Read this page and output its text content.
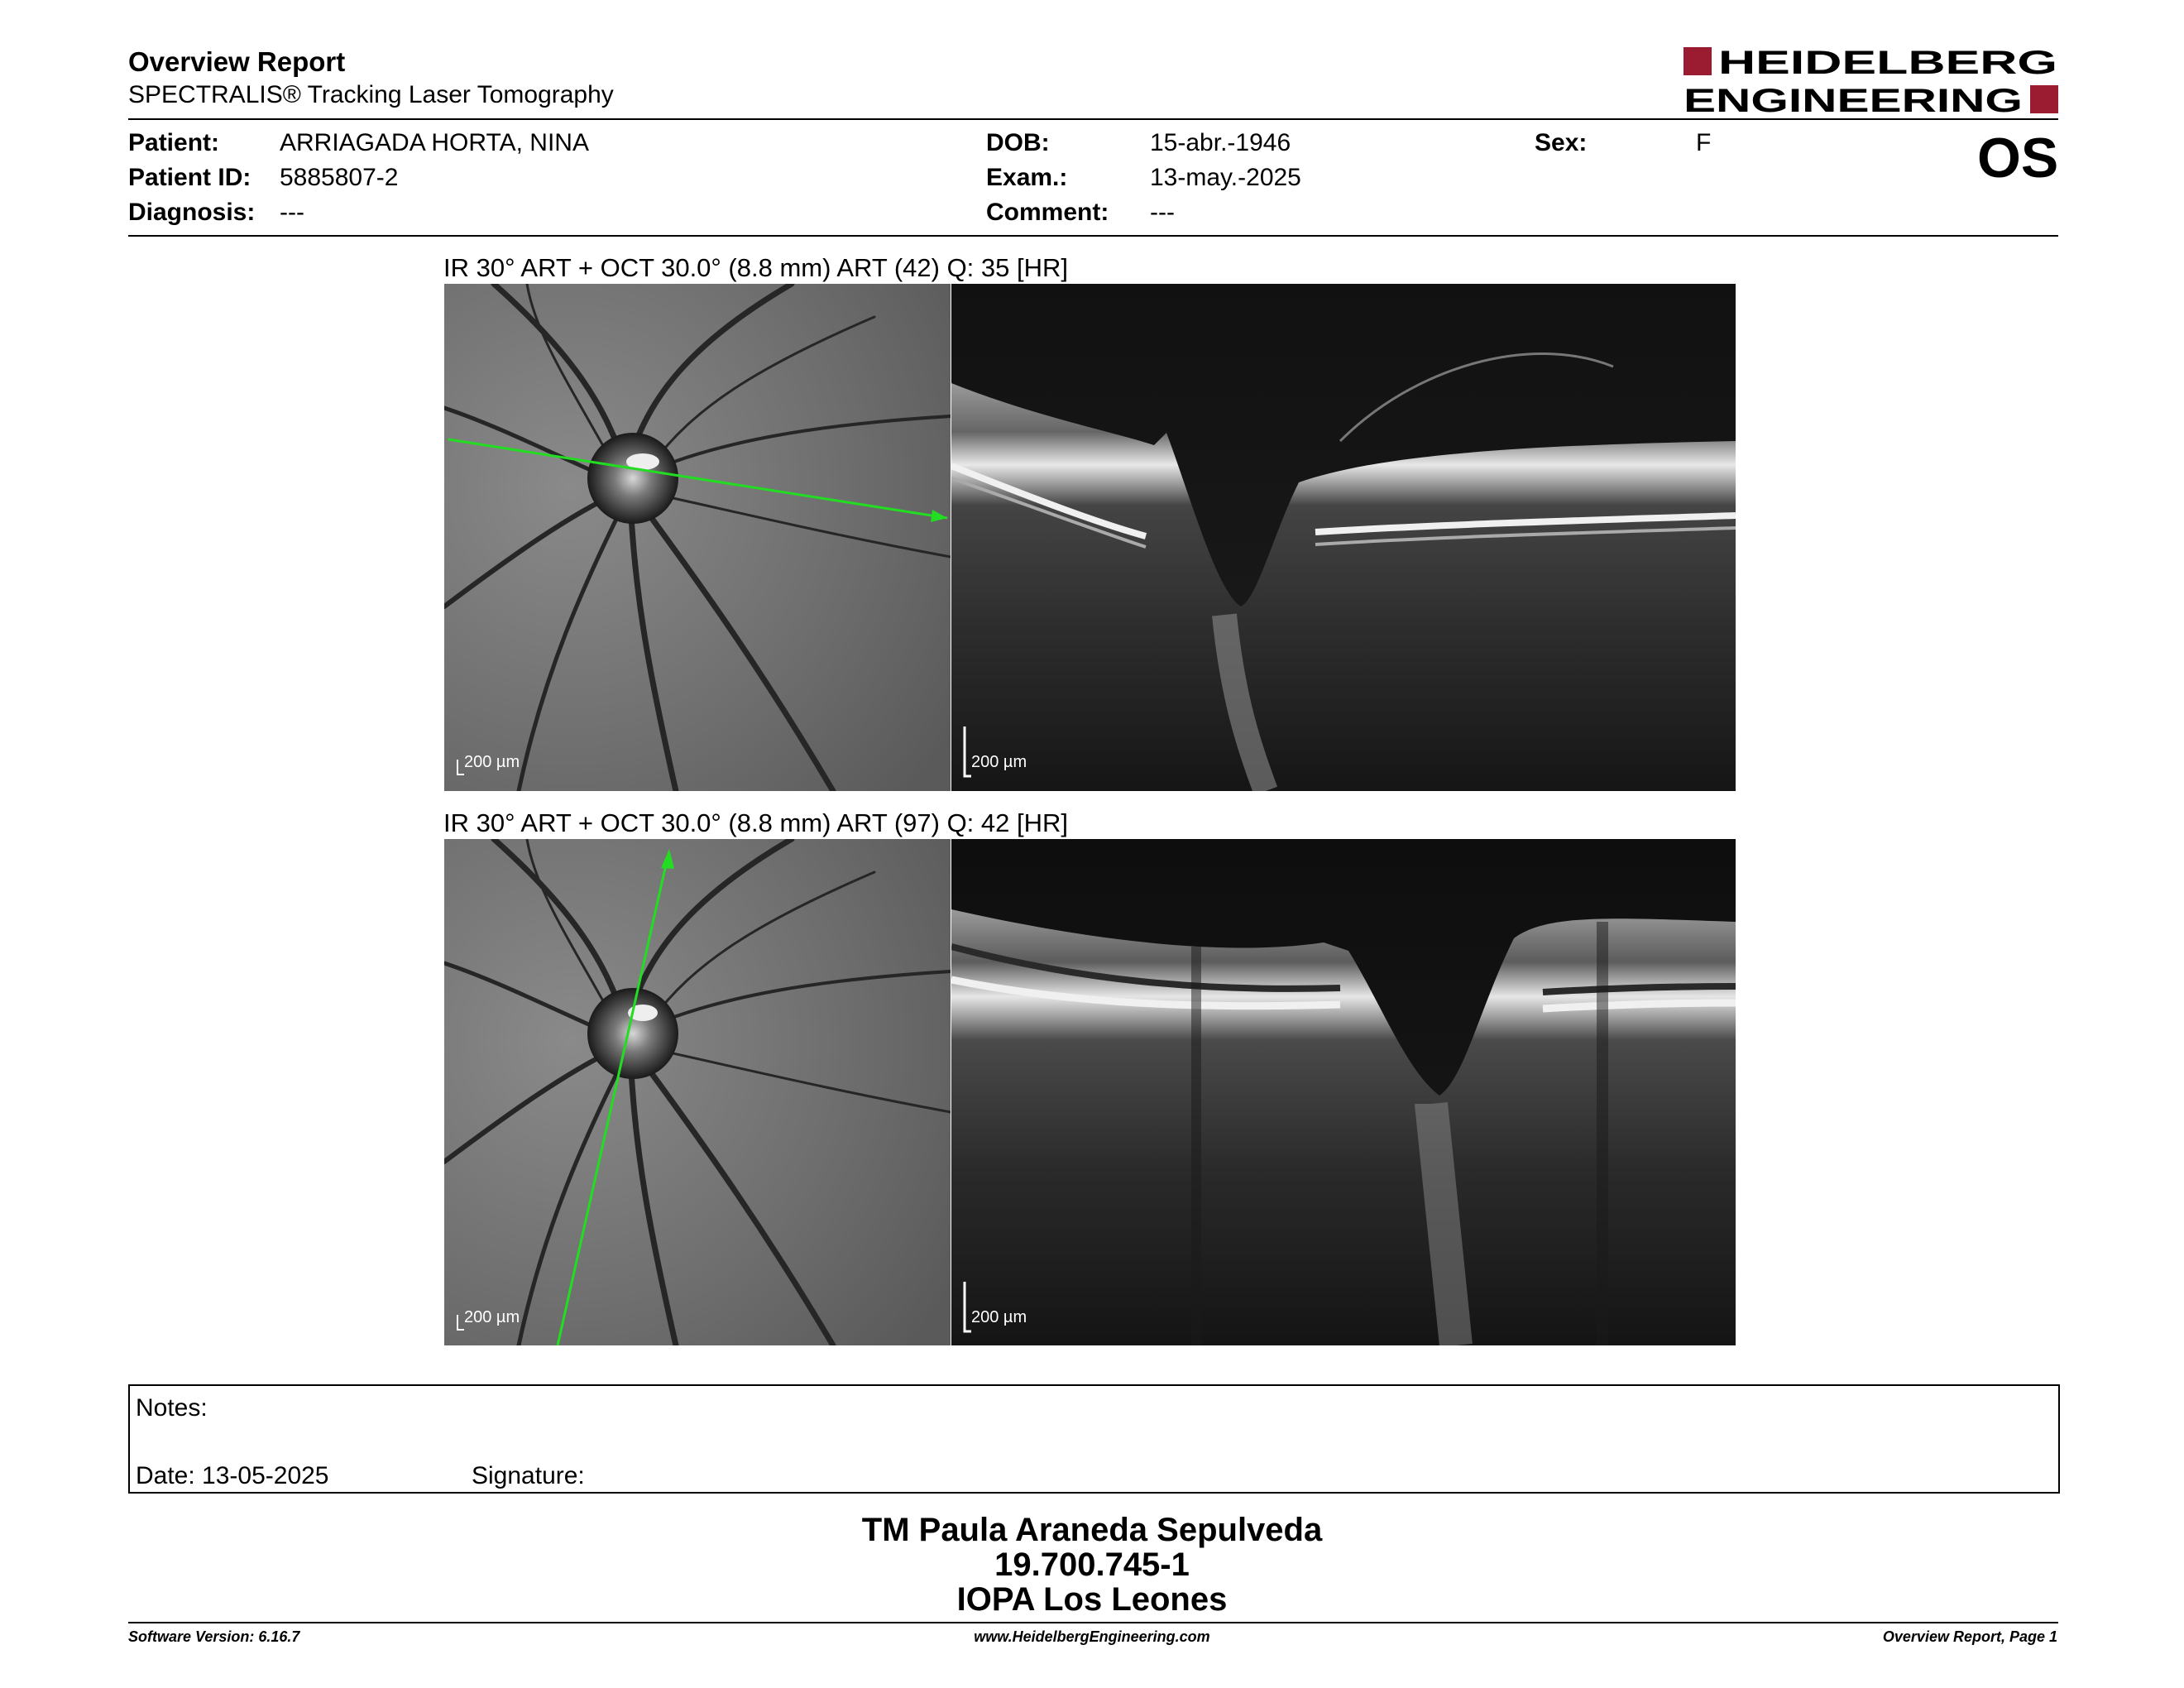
Overview Report
SPECTRALIS® Tracking Laser Tomography
HEIDELBERG
ENGINEERING
Patient: ARRIAGADA HORTA, NINA
Patient ID: 5885807-2
Diagnosis: ---
DOB:	15-abr.-1946
Exam.:	13-may.-2025
Comment: ---
Sex:	F	OS
IR 30° ART + OCT 30.0° (8.8 mm) ART (42) Q: 35 [HR]
200 µm	200 µm
IR 30° ART + OCT 30.0° (8.8 mm) ART (97) Q: 42 [HR]
200 µm	200 µm
Notes:
Date: 13-05-2025	Signature:
TM Paula Araneda Sepulveda
19.700.745-1
IOPA Los Leones
Software Version: 6.16.7	www.HeidelbergEngineering.com	Overview Report, Page 1
